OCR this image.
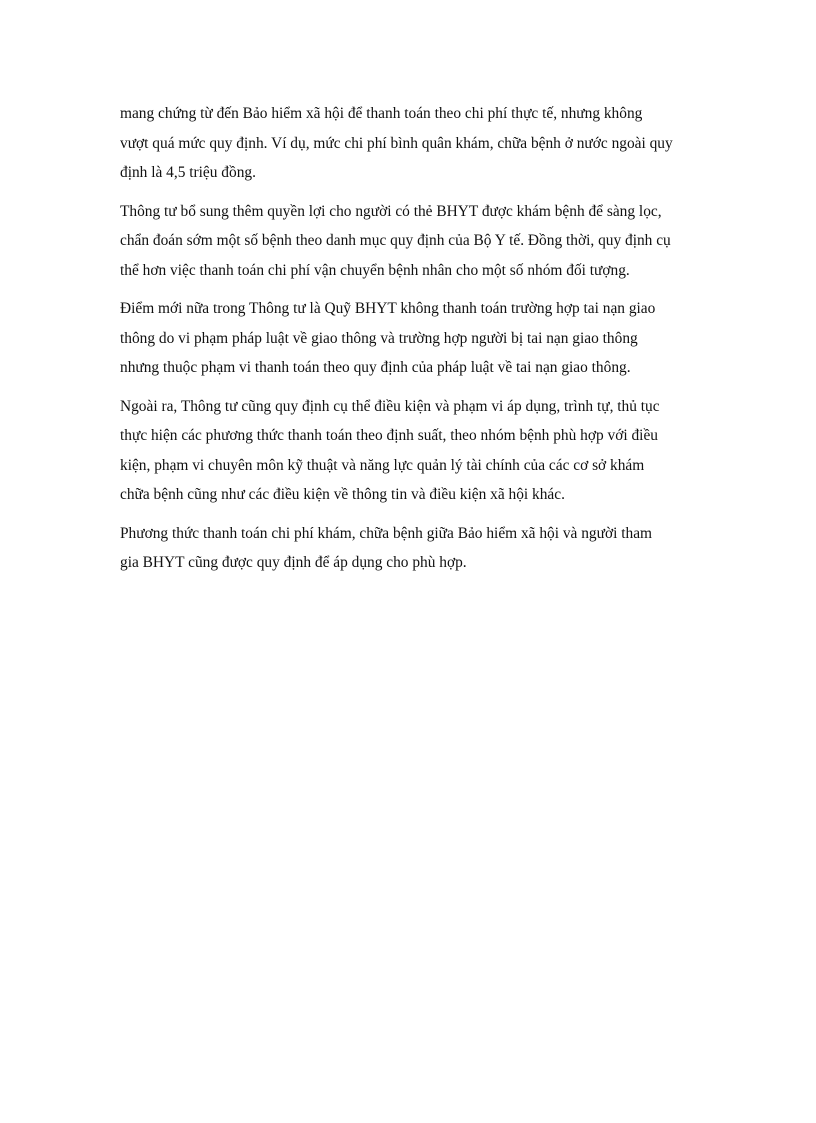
mang chứng từ đến Bảo hiểm xã hội để thanh toán theo chi phí thực tế, nhưng không
vượt quá mức quy định. Ví dụ, mức chi phí bình quân khám, chữa bệnh ở nước ngoài quy
định là 4,5 triệu đồng.

Thông tư bổ sung thêm quyền lợi cho người có thẻ BHYT được khám bệnh để sàng lọc,
chẩn đoán sớm một số bệnh theo danh mục quy định của Bộ Y tế. Đồng thời, quy định cụ
thể hơn việc thanh toán chi phí vận chuyển bệnh nhân cho một số nhóm đối tượng.

Điểm mới nữa trong Thông tư là Quỹ BHYT không thanh toán trường hợp tai nạn giao
thông do vi phạm pháp luật về giao thông và trường hợp người bị tai nạn giao thông
nhưng thuộc phạm vi thanh toán theo quy định của pháp luật về tai nạn giao thông.

Ngoài ra, Thông tư cũng quy định cụ thể điều kiện và phạm vi áp dụng, trình tự, thủ tục
thực hiện các phương thức thanh toán theo định suất, theo nhóm bệnh phù hợp với điều
kiện, phạm vi chuyên môn kỹ thuật và năng lực quản lý tài chính của các cơ sở khám
chữa bệnh cũng như các điều kiện về thông tin và điều kiện xã hội khác.

Phương thức thanh toán chi phí khám, chữa bệnh giữa Bảo hiểm xã hội và người tham
gia BHYT cũng được quy định để áp dụng cho phù hợp.
